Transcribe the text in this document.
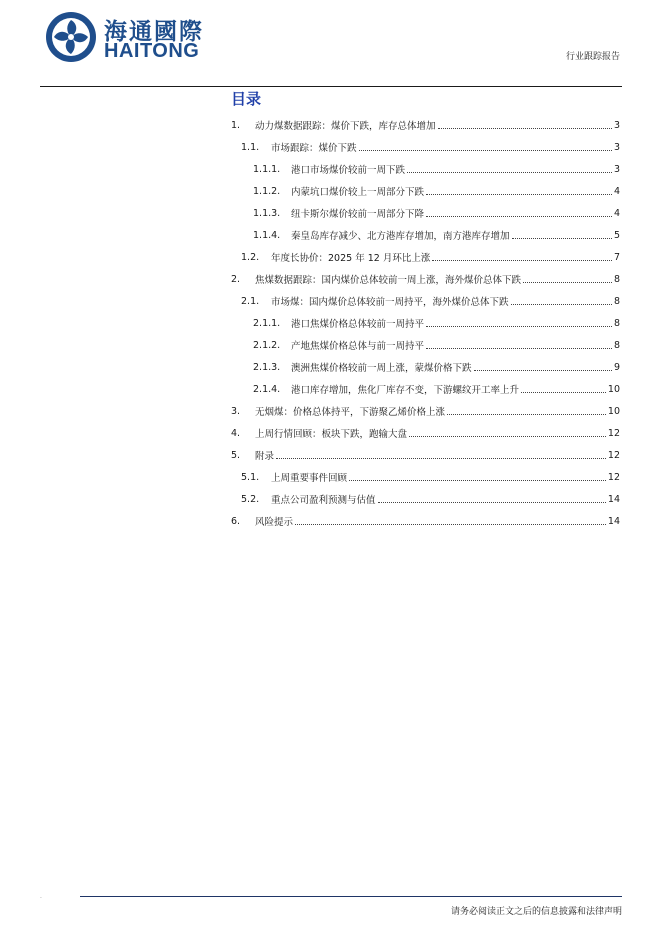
海通國際
HAITONG	行业跟踪报告
目录
1.	动力煤数据跟踪：煤价下跌，库存总体增加	3
1.1.	市场跟踪：煤价下跌	3
1.1.1.	港口市场煤价较前一周下跌	3
1.1.2.	内蒙坑口煤价较上一周部分下跌	4
1.1.3.	纽卡斯尔煤价较前一周部分下降	4
1.1.4.	秦皇岛库存减少、北方港库存增加，南方港库存增加	5
1.2.	年度长协价：2025 年 12 月环比上涨	7
2.	焦煤数据跟踪：国内煤价总体较前一周上涨，海外煤价总体下跌	8
2.1.	市场煤：国内煤价总体较前一周持平，海外煤价总体下跌	8
2.1.1.	港口焦煤价格总体较前一周持平	8
2.1.2.	产地焦煤价格总体与前一周持平	8
2.1.3.	澳洲焦煤价格较前一周上涨，蒙煤价格下跌	9
2.1.4.	港口库存增加，焦化厂库存不变，下游螺纹开工率上升	10
3.	无烟煤：价格总体持平，下游聚乙烯价格上涨	10
4.	上周行情回顾：板块下跌，跑输大盘	12
5.	附录	12
5.1.	上周重要事件回顾	12
5.2.	重点公司盈利预测与估值	14
6.	风险提示	14
.
请务必阅读正文之后的信息披露和法律声明
